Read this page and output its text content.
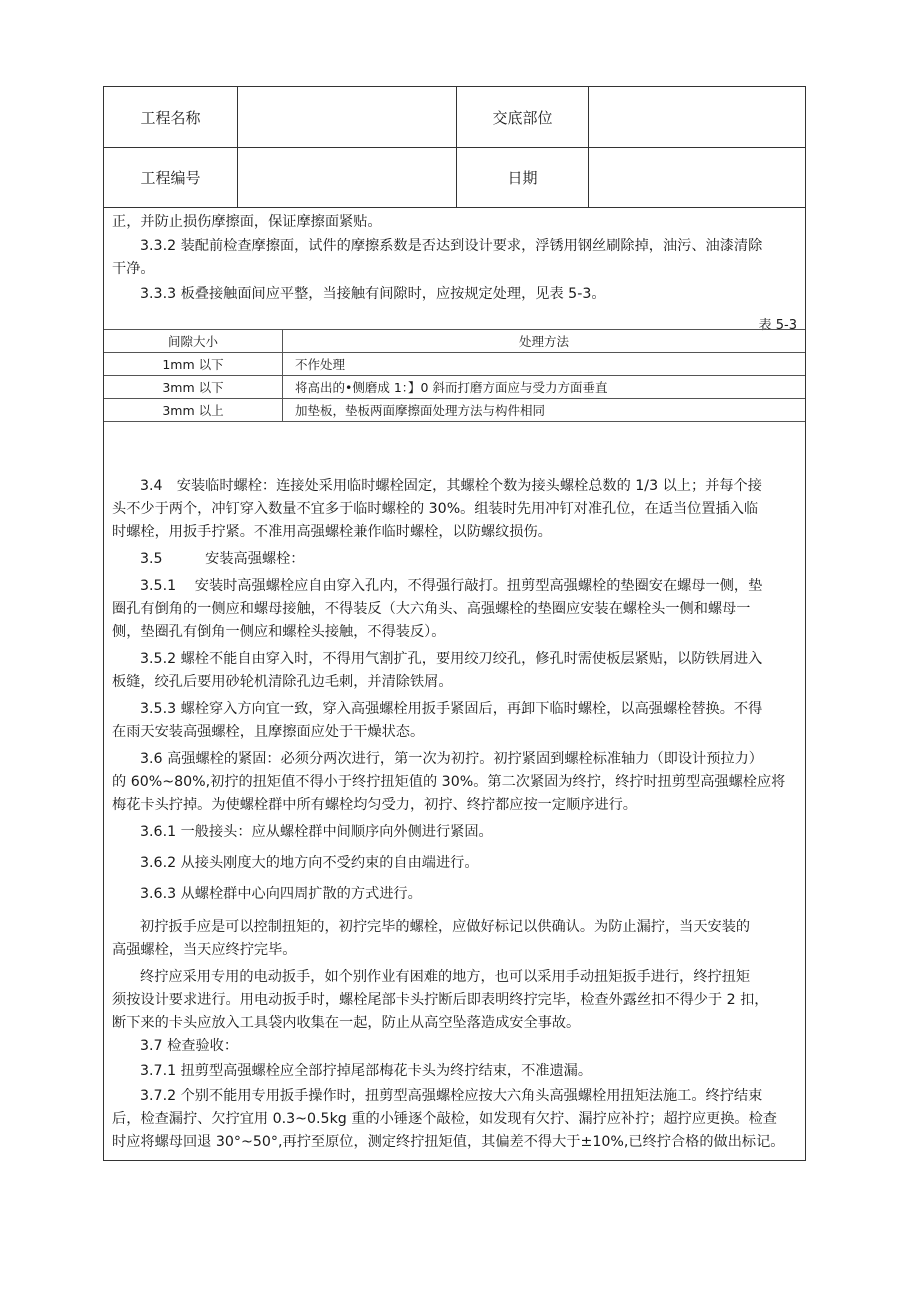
工程名称	交底部位
工程编号	日期
正，并防止损伤摩擦面，保证摩擦面紧贴。
3.3.2 装配前检查摩擦面，试件的摩擦系数是否达到设计要求，浮锈用钢丝刷除掉，油污、油漆清除
干净。
3.3.3 板叠接触面间应平整，当接触有间隙时，应按规定处理，见表 5-3。
表 5-3
间隙大小	处理方法
1mm 以下	不作处理
3mm 以下	将高出的•侧磨成 1：】0 斜而打磨方面应与受力方面垂直
3mm 以上	加垫板，垫板两面摩擦面处理方法与构件相同
3.4　安装临时螺栓：连接处采用临时螺栓固定，其螺栓个数为接头螺栓总数的 1/3 以上；并每个接
头不少于两个，冲钉穿入数量不宜多于临时螺栓的 30%。组装时先用冲钉对准孔位，在适当位置插入临
时螺栓，用扳手拧紧。不准用高强螺栓兼作临时螺栓，以防螺纹损伤。
3.5　　　安装高强螺栓：
3.5.1　 安装时高强螺栓应自由穿入孔内，不得强行敲打。扭剪型高强螺栓的垫圈安在螺母一侧，垫
圈孔有倒角的一侧应和螺母接触，不得装反（大六角头、高强螺栓的垫圈应安装在螺栓头一侧和螺母一
侧，垫圈孔有倒角一侧应和螺栓头接触，不得装反）。
3.5.2 螺栓不能自由穿入时，不得用气割扩孔，要用绞刀绞孔，修孔时需使板层紧贴，以防铁屑进入
板缝，绞孔后要用砂轮机清除孔边毛刺，并清除铁屑。
3.5.3 螺栓穿入方向宜一致，穿入高强螺栓用扳手紧固后，再卸下临时螺栓，以高强螺栓替换。不得
在雨天安装高强螺栓，且摩擦面应处于干燥状态。
3.6 高强螺栓的紧固：必须分两次进行，第一次为初拧。初拧紧固到螺栓标准轴力（即设计预拉力）
的 60%~80%,初拧的扭矩值不得小于终拧扭矩值的 30%。第二次紧固为终拧，终拧时扭剪型高强螺栓应将
梅花卡头拧掉。为使螺栓群中所有螺栓均匀受力，初拧、终拧都应按一定顺序进行。
3.6.1 一般接头：应从螺栓群中间顺序向外侧进行紧固。
3.6.2 从接头刚度大的地方向不受约束的自由端进行。
3.6.3 从螺栓群中心向四周扩散的方式进行。
初拧扳手应是可以控制扭矩的，初拧完毕的螺栓，应做好标记以供确认。为防止漏拧，当天安装的
高强螺栓，当天应终拧完毕。
终拧应采用专用的电动扳手，如个别作业有困难的地方，也可以采用手动扭矩扳手进行，终拧扭矩
须按设计要求进行。用电动扳手时，螺栓尾部卡头拧断后即表明终拧完毕，检查外露丝扣不得少于 2 扣，
断下来的卡头应放入工具袋内收集在一起，防止从高空坠落造成安全事故。
3.7 检查验收：
3.7.1 扭剪型高强螺栓应全部拧掉尾部梅花卡头为终拧结束，不准遗漏。
3.7.2 个别不能用专用扳手操作时，扭剪型高强螺栓应按大六角头高强螺栓用扭矩法施工。终拧结束
后，检查漏拧、欠拧宜用 0.3~0.5kg 重的小锤逐个敲检，如发现有欠拧、漏拧应补拧；超拧应更换。检查
时应将螺母回退 30°~50°,再拧至原位，测定终拧扭矩值，其偏差不得大于±10%,已终拧合格的做出标记。
